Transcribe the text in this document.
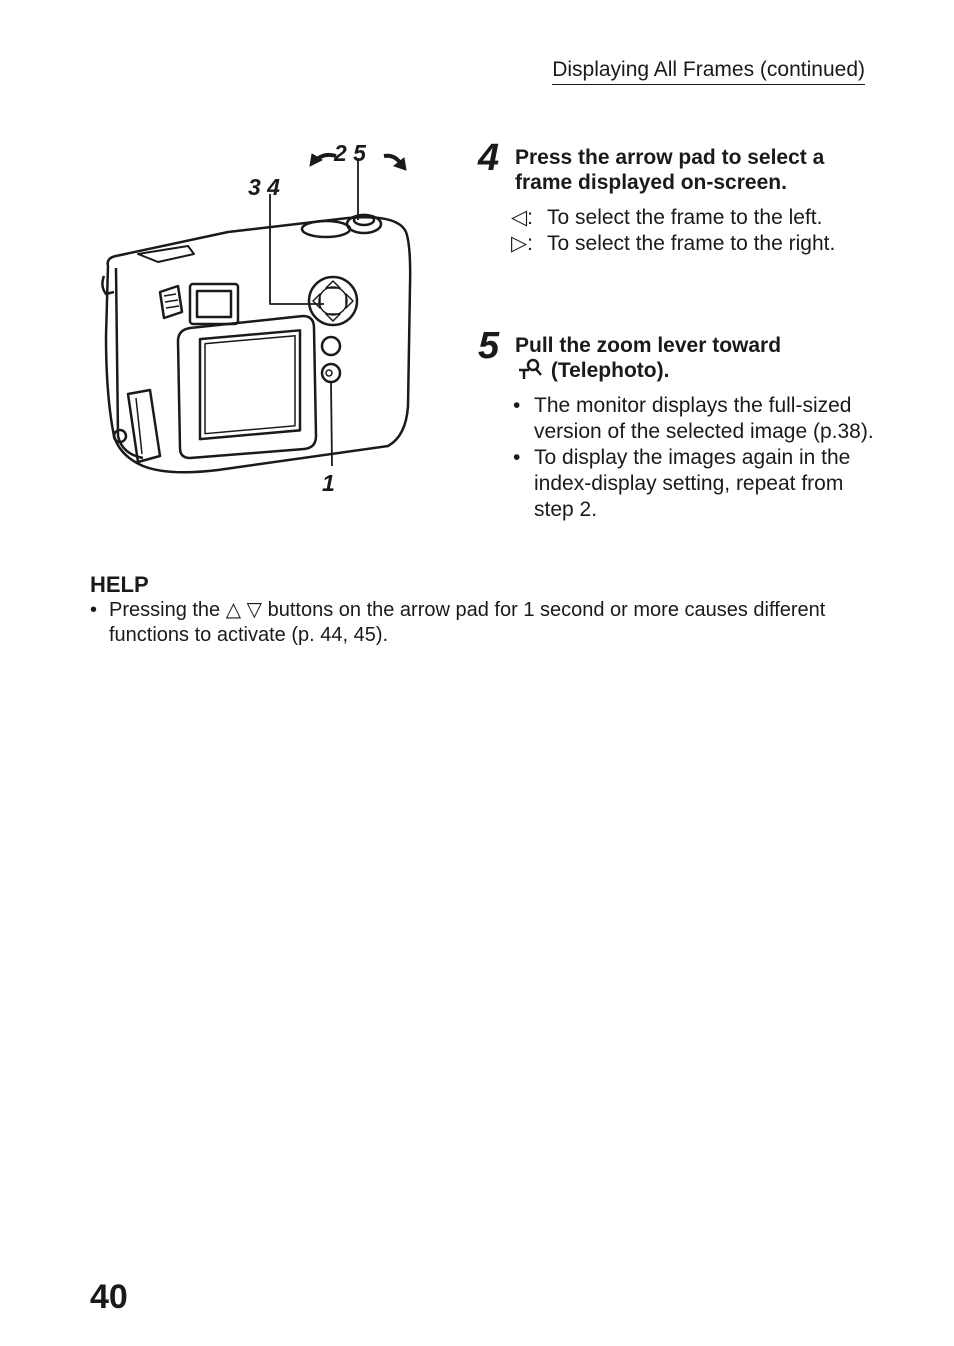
Displaying All Frames (continued)
2 5
3 4
1
4 Press the arrow pad to select a frame displayed on-screen.
◁: To select the frame to the left.
▷: To select the frame to the right.
5 Pull the zoom lever toward
(Telephoto).
• The monitor displays the full-sized version of the selected image (p.38).
• To display the images again in the index-display setting, repeat from step 2.
HELP
• Pressing the △ ▽ buttons on the arrow pad for 1 second or more causes different functions to activate (p. 44, 45).
40
